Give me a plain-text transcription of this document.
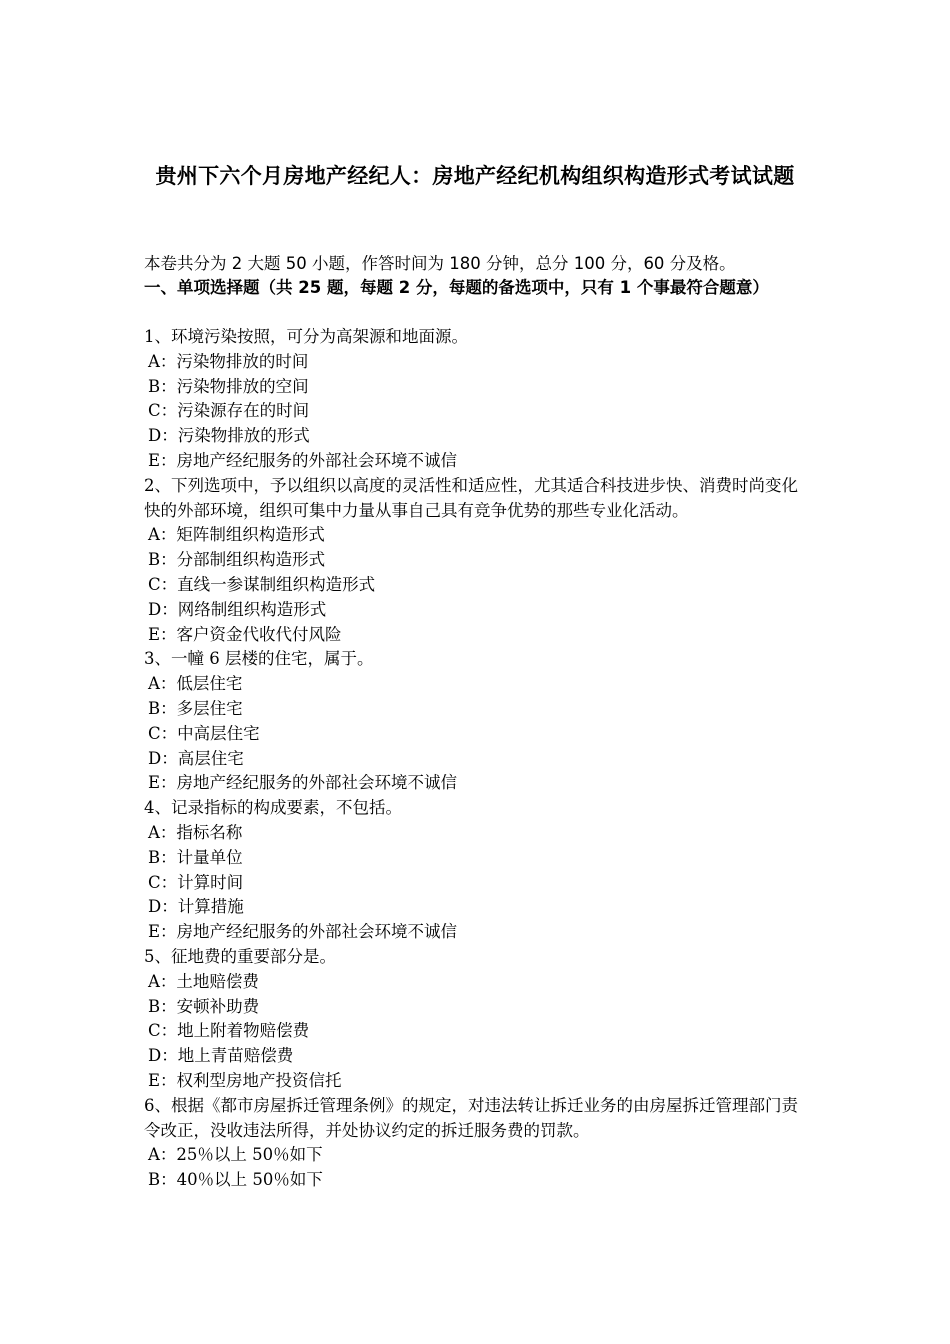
贵州下六个月房地产经纪人：房地产经纪机构组织构造形式考试试题
本卷共分为 2 大题 50 小题，作答时间为 180 分钟，总分 100 分，60 分及格。
一、单项选择题（共 25 题，每题 2 分，每题的备选项中，只有 1 个事最符合题意）
1、环境污染按照，可分为高架源和地面源。
A：污染物排放的时间
B：污染物排放的空间
C：污染源存在的时间
D：污染物排放的形式
E：房地产经纪服务的外部社会环境不诚信
2、下列选项中，予以组织以高度的灵活性和适应性，尤其适合科技进步快、消费时尚变化快的外部环境，组织可集中力量从事自己具有竞争优势的那些专业化活动。
A：矩阵制组织构造形式
B：分部制组织构造形式
C：直线一参谋制组织构造形式
D：网络制组织构造形式
E：客户资金代收代付风险
3、一幢 6 层楼的住宅，属于。
A：低层住宅
B：多层住宅
C：中高层住宅
D：高层住宅
E：房地产经纪服务的外部社会环境不诚信
4、记录指标的构成要素，不包括。
A：指标名称
B：计量单位
C：计算时间
D：计算措施
E：房地产经纪服务的外部社会环境不诚信
5、征地费的重要部分是。
A：土地赔偿费
B：安顿补助费
C：地上附着物赔偿费
D：地上青苗赔偿费
E：权利型房地产投资信托
6、根据《都市房屋拆迁管理条例》的规定，对违法转让拆迁业务的由房屋拆迁管理部门责令改正，没收违法所得，并处协议约定的拆迁服务费的罚款。
A：25％以上 50％如下
B：40％以上 50％如下
